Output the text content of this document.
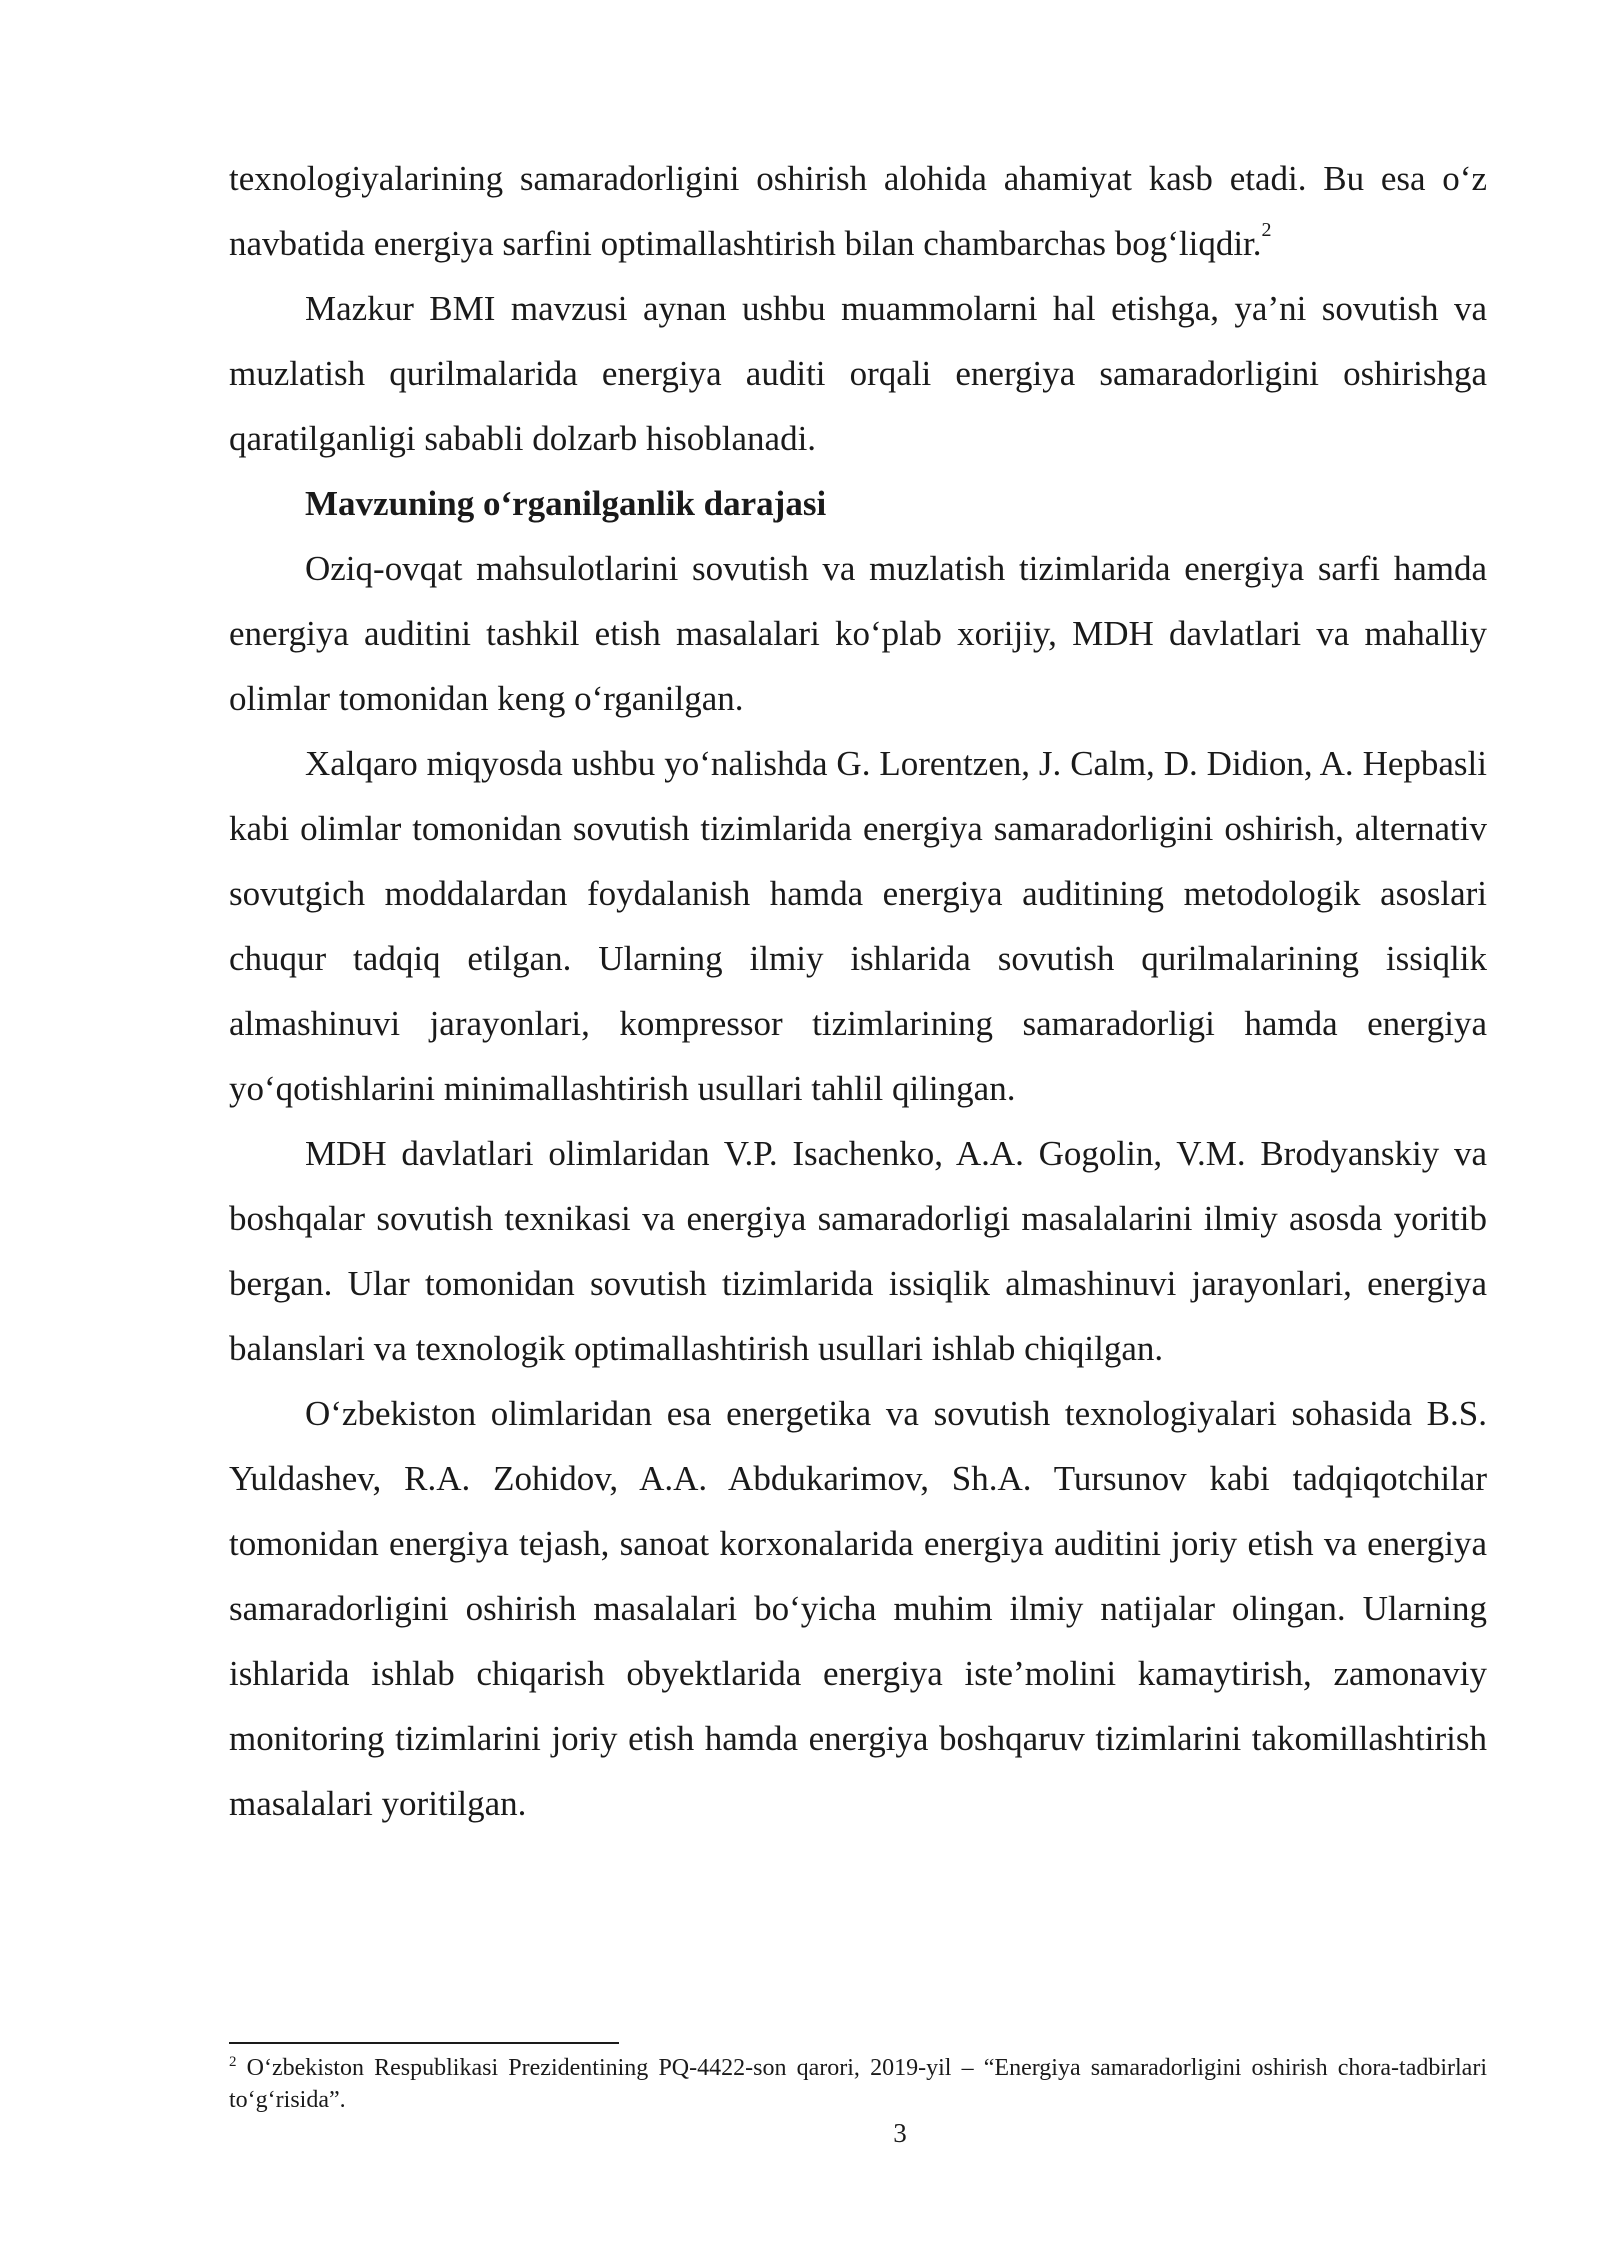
texnologiyalarining samaradorligini oshirish alohida ahamiyat kasb etadi. Bu esa o‘z navbatida energiya sarfini optimallashtirish bilan chambarchas bog‘liqdir.$^2$

Mazkur BMI mavzusi aynan ushbu muammolarni hal etishga, ya’ni sovutish va muzlatish qurilmalarida energiya auditi orqali energiya samaradorligini oshirishga qaratilganligi sababli dolzarb hisoblanadi.

Mavzuning o‘rganilganlik darajasi

Oziq-ovqat mahsulotlarini sovutish va muzlatish tizimlarida energiya sarfi hamda energiya auditini tashkil etish masalalari ko‘plab xorijiy, MDH davlatlari va mahalliy olimlar tomonidan keng o‘rganilgan.

Xalqaro miqyosda ushbu yo‘nalishda G. Lorentzen, J. Calm, D. Didion, A. Hepbasli kabi olimlar tomonidan sovutish tizimlarida energiya samaradorligini oshirish, alternativ sovutgich moddalardan foydalanish hamda energiya auditining metodologik asoslari chuqur tadqiq etilgan. Ularning ilmiy ishlarida sovutish qurilmalarining issiqlik almashinuvi jarayonlari, kompressor tizimlarining samaradorligi hamda energiya yo‘qotishlarini minimallashtirish usullari tahlil qilingan.

MDH davlatlari olimlaridan V.P. Isachenko, A.A. Gogolin, V.M. Brodyanskiy va boshqalar sovutish texnikasi va energiya samaradorligi masalalarini ilmiy asosda yoritib bergan. Ular tomonidan sovutish tizimlarida issiqlik almashinuvi jarayonlari, energiya balanslari va texnologik optimallashtirish usullari ishlab chiqilgan.

O‘zbekiston olimlaridan esa energetika va sovutish texnologiyalari sohasida B.S. Yuldashev, R.A. Zohidov, A.A. Abdukarimov, Sh.A. Tursunov kabi tadqiqotchilar tomonidan energiya tejash, sanoat korxonalarida energiya auditini joriy etish va energiya samaradorligini oshirish masalalari bo‘yicha muhim ilmiy natijalar olingan. Ularning ishlarida ishlab chiqarish obyektlarida energiya iste’molini kamaytirish, zamonaviy monitoring tizimlarini joriy etish hamda energiya boshqaruv tizimlarini takomillashtirish masalalari yoritilgan.

$^2$ O‘zbekiston Respublikasi Prezidentining PQ-4422-son qarori, 2019-yil – “Energiya samaradorligini oshirish chora-tadbirlari to‘g‘risida”.
3
